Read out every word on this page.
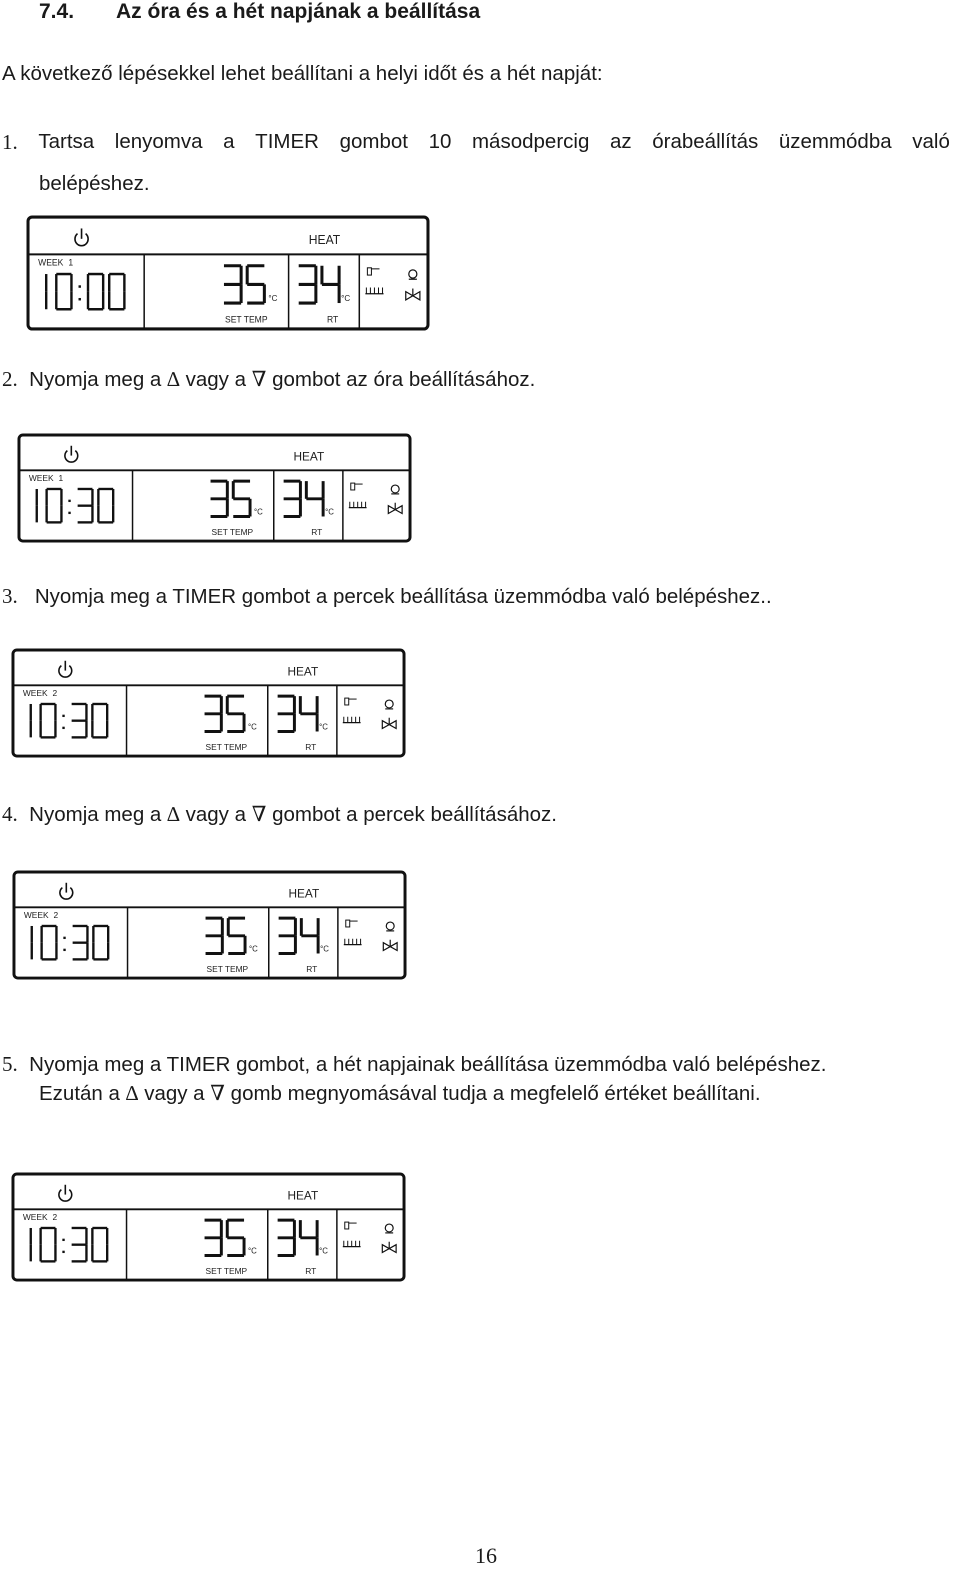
7.4. Az óra és a hét napjának a beállítása
A következő lépésekkel lehet beállítani a helyi időt és a hét napját:
1. Tartsa lenyomva a TIMER gombot 10 másodpercig az órabeállítás üzemmódba való
belépéshez.
2. Nyomja meg a ∆ vagy a ∇ gombot az óra beállításához.
3. Nyomja meg a TIMER gombot a percek beállítása üzemmódba való belépéshez..
4. Nyomja meg a ∆ vagy a ∇ gombot a percek beállításához.
5. Nyomja meg a TIMER gombot, a hét napjainak beállítása üzemmódba való belépéshez.
Ezután a ∆ vagy a ∇ gomb megnyomásával tudja a megfelelő értéket beállítani.
HEAT
WEEK 1
°C
SET TEMP
°C
RT
HEAT
WEEK 1
°C
SET TEMP
°C
RT
HEAT
WEEK 2
°C
SET TEMP
°C
RT
HEAT
WEEK 2
°C
SET TEMP
°C
RT
HEAT
WEEK 2
°C
SET TEMP
°C
RT
16
